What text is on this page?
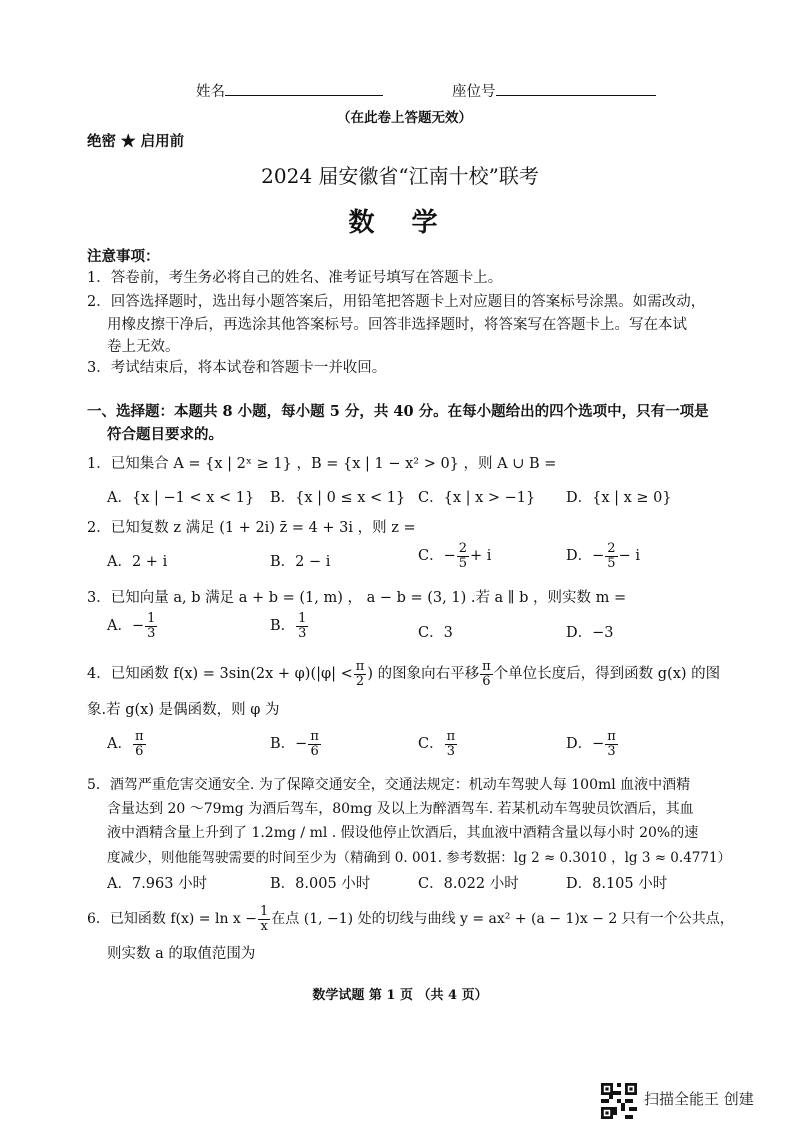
姓名	座位号
（在此卷上答题无效）
绝密 ★ 启用前
2024 届安徽省“江南十校”联考
数 学
注意事项：
1．答卷前，考生务必将自己的姓名、准考证号填写在答题卡上。
2．回答选择题时，选出每小题答案后，用铅笔把答题卡上对应题目的答案标号涂黑。如需改动，
用橡皮擦干净后，再选涂其他答案标号。回答非选择题时，将答案写在答题卡上。写在本试
卷上无效。
3．考试结束后，将本试卷和答题卡一并收回。
一、选择题：本题共 8 小题，每小题 5 分，共 40 分。在每小题给出的四个选项中，只有一项是
符合题目要求的。
1．已知集合 A = {x | 2ˣ ≥ 1} ，B = {x | 1 − x² > 0} ，则 A ∪ B =
A．{x | −1 < x < 1} B．{x | 0 ≤ x < 1} C．{x | x > −1} D．{x | x ≥ 0}
2．已知复数 z 满足 (1 + 2i) z̄ = 4 + 3i ，则 z =
A．2 + i	B．2 − i	C．− $\frac{2}{5} + i$	D．− $\frac{2}{5} - i$
3．已知向量 a, b 满足 a + b = (1, m) ， a − b = (3, 1) .若 a ∥ b ，则实数 m =
A．− $\frac{1}{3}$	B． $\frac{1}{3}$	C．3	D．−3
4．已知函数 $f(x) = 3\sin(2x + \varphi)(|\varphi| < \frac{\pi}{2}$ ) 的图象向右平移 $\frac{\pi}{6}$ 个单位长度后，得到函数 g(x) 的图
象.若 g(x) 是偶函数，则 φ 为
A． $\frac{\pi}{6}$	B．− $\frac{\pi}{6}$	C． $\frac{\pi}{3}$	D．− $\frac{\pi}{3}$
5．酒驾严重危害交通安全. 为了保障交通安全，交通法规定：机动车驾驶人每 100ml 血液中酒精
含量达到 20 ～79mg 为酒后驾车，80mg 及以上为醉酒驾车. 若某机动车驾驶员饮酒后，其血
液中酒精含量上升到了 1.2mg / ml . 假设他停止饮酒后，其血液中酒精含量以每小时 20%的速
度减少，则他能驾驶需要的时间至少为（精确到 0. 001. 参考数据：lg 2 ≈ 0.3010 ，lg 3 ≈ 0.4771）
A．7.963 小时	B．8.005 小时	C．8.022 小时	D．8.105 小时
6．已知函数 $f(x) = \ln x - \frac{1}{x}$ 在点 (1, −1) 处的切线与曲线 y = ax² + (a − 1)x − 2 只有一个公共点，
则实数 a 的取值范围为
数学试题 第 1 页 （共 4 页）
扫描全能王 创建
